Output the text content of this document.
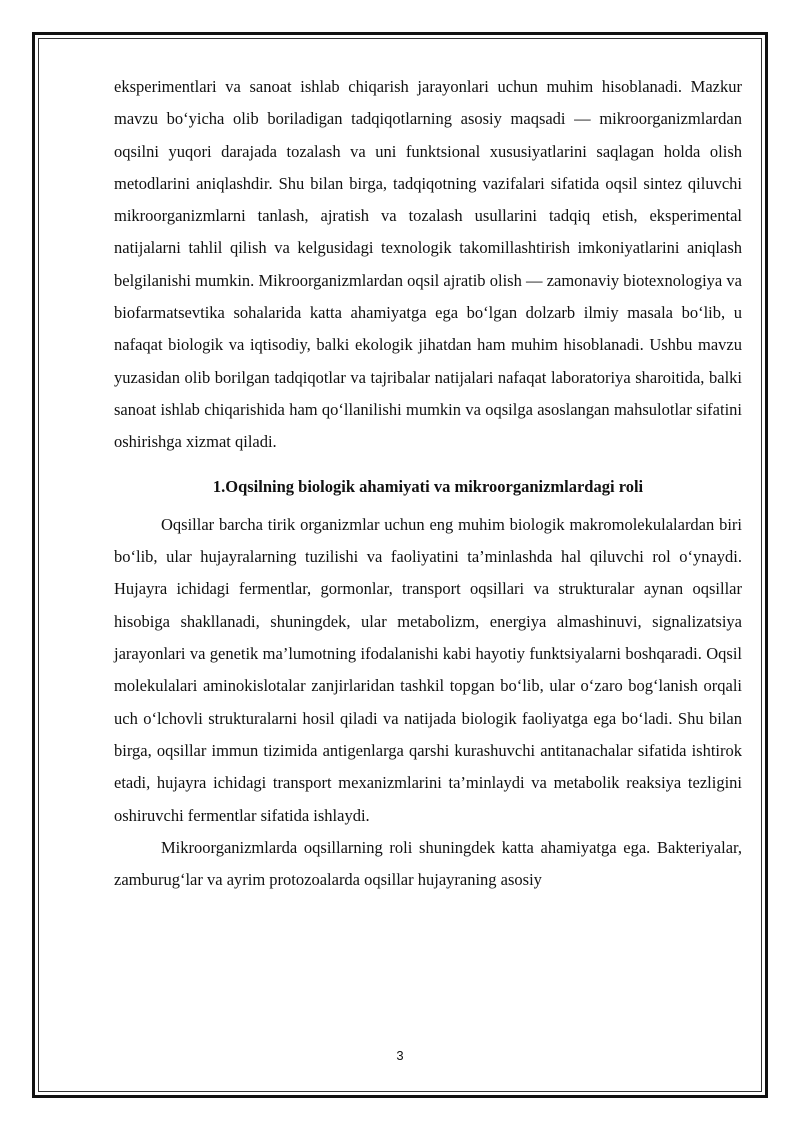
eksperimentlari va sanoat ishlab chiqarish jarayonlari uchun muhim hisoblanadi. Mazkur mavzu bo‘yicha olib boriladigan tadqiqotlarning asosiy maqsadi — mikroorganizmlardan oqsilni yuqori darajada tozalash va uni funktsional xususiyatlarini saqlagan holda olish metodlarini aniqlashdir. Shu bilan birga, tadqiqotning vazifalari sifatida oqsil sintez qiluvchi mikroorganizmlarni tanlash, ajratish va tozalash usullarini tadqiq etish, eksperimental natijalarni tahlil qilish va kelgusidagi texnologik takomillashtirish imkoniyatlarini aniqlash belgilanishi mumkin. Mikroorganizmlardan oqsil ajratib olish — zamonaviy biotexnologiya va biofarmatsevtika sohalarida katta ahamiyatga ega bo‘lgan dolzarb ilmiy masala bo‘lib, u nafaqat biologik va iqtisodiy, balki ekologik jihatdan ham muhim hisoblanadi. Ushbu mavzu yuzasidan olib borilgan tadqiqotlar va tajribalar natijalari nafaqat laboratoriya sharoitida, balki sanoat ishlab chiqarishida ham qo‘llanilishi mumkin va oqsilga asoslangan mahsulotlar sifatini oshirishga xizmat qiladi.

1.Oqsilning biologik ahamiyati va mikroorganizmlardagi roli

Oqsillar barcha tirik organizmlar uchun eng muhim biologik makromolekulalardan biri bo‘lib, ular hujayralarning tuzilishi va faoliyatini ta’minlashda hal qiluvchi rol o‘ynaydi. Hujayra ichidagi fermentlar, gormonlar, transport oqsillari va strukturalar aynan oqsillar hisobiga shakllanadi, shuningdek, ular metabolizm, energiya almashinuvi, signalizatsiya jarayonlari va genetik ma’lumotning ifodalanishi kabi hayotiy funktsiyalarni boshqaradi. Oqsil molekulalari aminokislotalar zanjirlaridan tashkil topgan bo‘lib, ular o‘zaro bog‘lanish orqali uch o‘lchovli strukturalarni hosil qiladi va natijada biologik faoliyatga ega bo‘ladi. Shu bilan birga, oqsillar immun tizimida antigenlarga qarshi kurashuvchi antitanachalar sifatida ishtirok etadi, hujayra ichidagi transport mexanizmlarini ta’minlaydi va metabolik reaksiya tezligini oshiruvchi fermentlar sifatida ishlaydi.

Mikroorganizmlarda oqsillarning roli shuningdek katta ahamiyatga ega. Bakteriyalar, zamburug‘lar va ayrim protozoalarda oqsillar hujayraning asosiy

3
